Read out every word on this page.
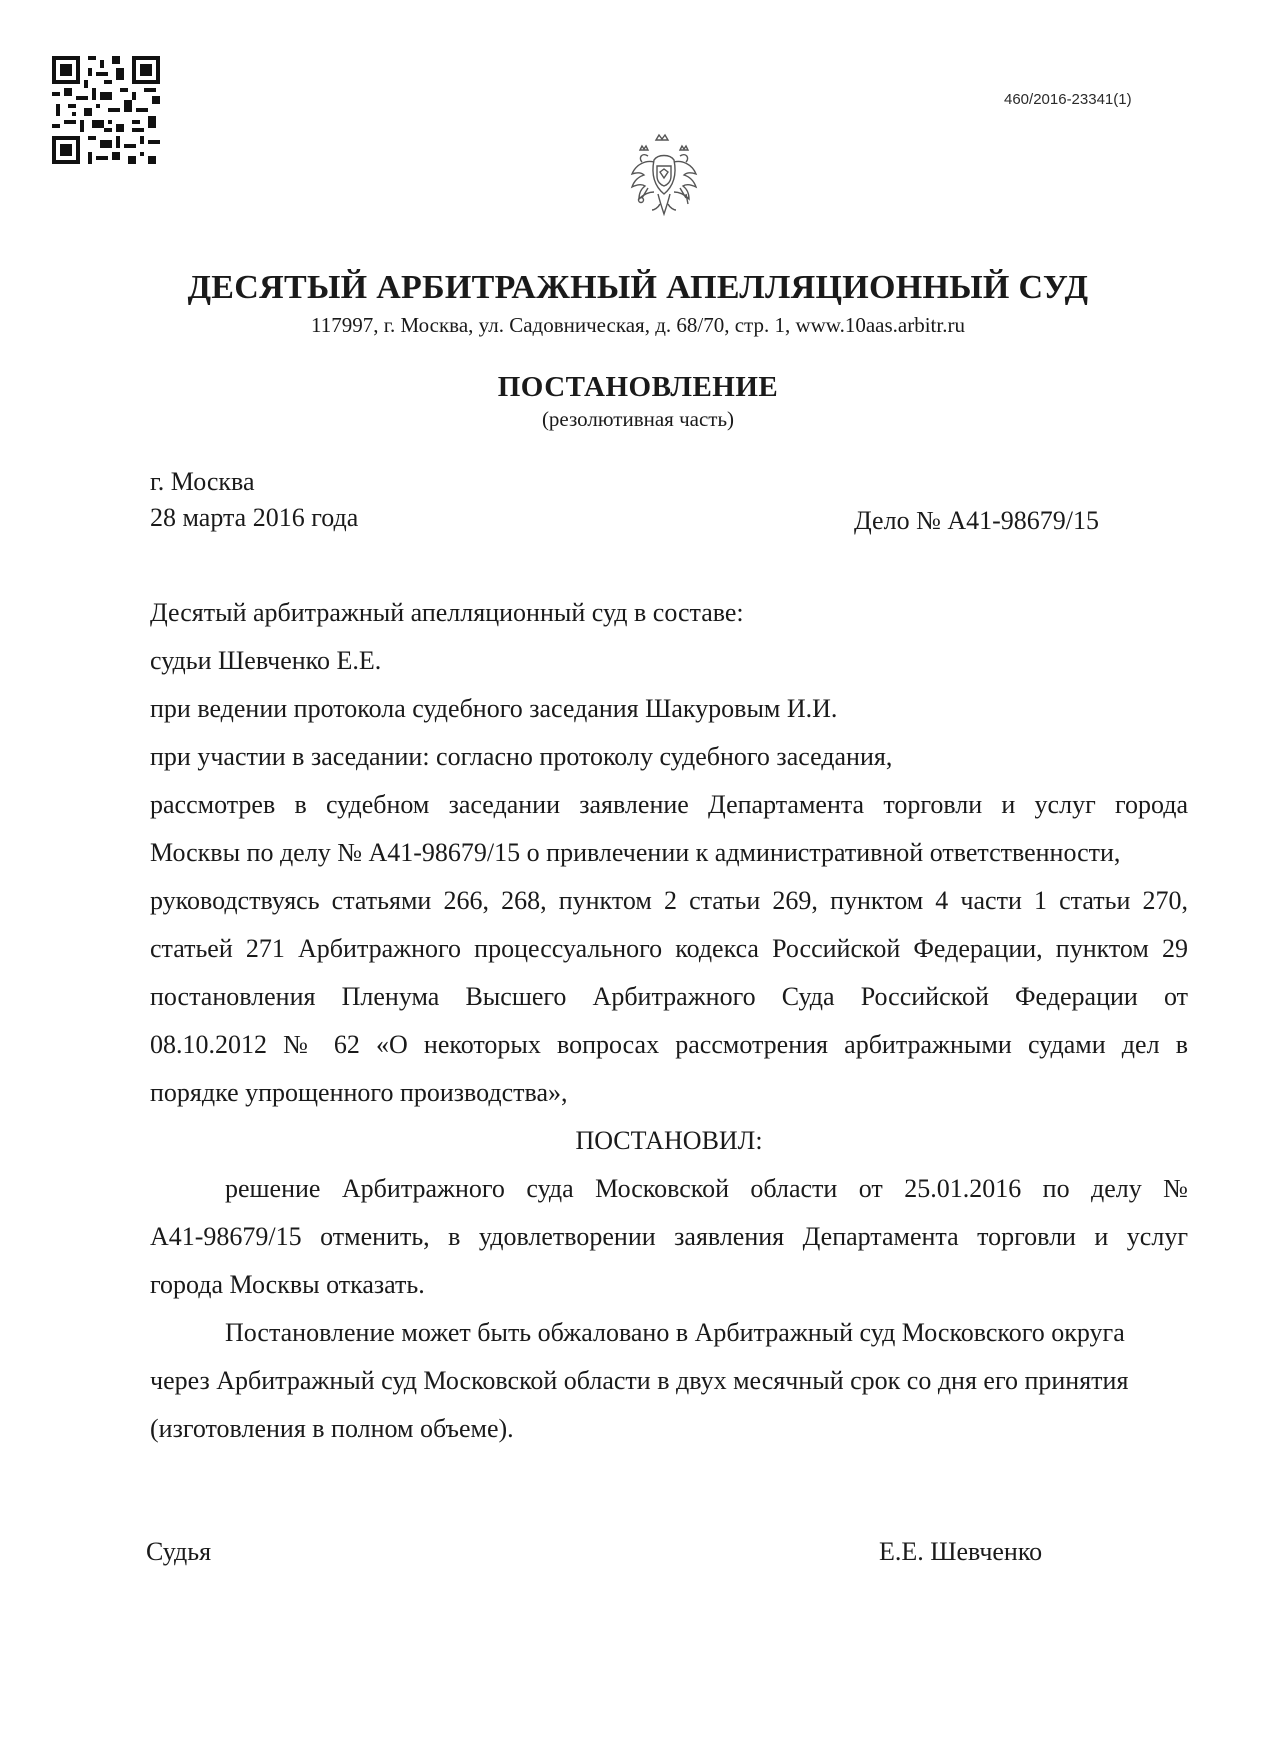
460/2016-23341(1)
ДЕСЯТЫЙ АРБИТРАЖНЫЙ АПЕЛЛЯЦИОННЫЙ СУД
117997, г. Москва, ул. Садовническая, д. 68/70, стр. 1, www.10aas.arbitr.ru
ПОСТАНОВЛЕНИЕ
(резолютивная часть)
г. Москва
28 марта 2016 года	Дело № А41-98679/15
Десятый арбитражный апелляционный суд в составе:
судьи Шевченко Е.Е.
при ведении протокола судебного заседания Шакуровым И.И.
при участии в заседании: согласно протоколу судебного заседания,
рассмотрев в судебном заседании заявление Департамента торговли и услуг города
Москвы по делу № А41-98679/15 о привлечении к административной ответственности,
руководствуясь статьями 266, 268, пунктом 2 статьи 269, пунктом 4 части 1 статьи 270,
статьей 271 Арбитражного процессуального кодекса Российской Федерации, пунктом 29
постановления Пленума Высшего Арбитражного Суда Российской Федерации от
08.10.2012 № 62 «О некоторых вопросах рассмотрения арбитражными судами дел в
порядке упрощенного производства»,
ПОСТАНОВИЛ:
решение Арбитражного суда Московской области от 25.01.2016 по делу №
А41-98679/15 отменить, в удовлетворении заявления Департамента торговли и услуг
города Москвы отказать.
Постановление может быть обжаловано в Арбитражный суд Московского округа
через Арбитражный суд Московской области в двух месячный срок со дня его принятия
(изготовления в полном объеме).
Судья	Е.Е. Шевченко
